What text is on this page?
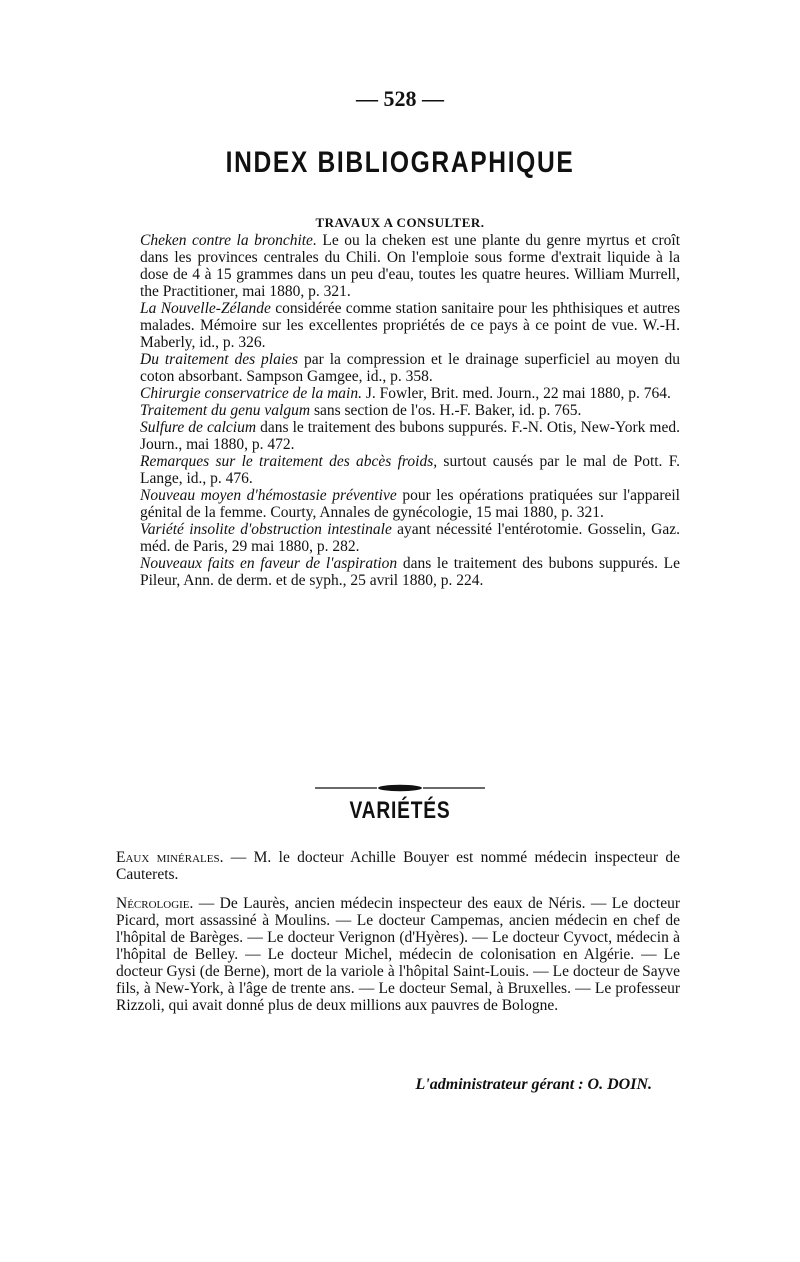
— 528 —
INDEX BIBLIOGRAPHIQUE
TRAVAUX A CONSULTER.

Cheken contre la bronchite. Le ou la cheken est une plante du genre myrtus et croît dans les provinces centrales du Chili. On l'emploie sous forme d'extrait liquide à la dose de 4 à 15 grammes dans un peu d'eau, toutes les quatre heures. William Murrell, the Practitioner, mai 1880, p. 321.

La Nouvelle-Zélande considérée comme station sanitaire pour les phthisiques et autres malades. Mémoire sur les excellentes propriétés de ce pays à ce point de vue. W.-H. Maberly, id., p. 326.

Du traitement des plaies par la compression et le drainage superficiel au moyen du coton absorbant. Sampson Gamgee, id., p. 358.

Chirurgie conservatrice de la main. J. Fowler, Brit. med. Journ., 22 mai 1880, p. 764.

Traitement du genu valgum sans section de l'os. H.-F. Baker, id. p. 765.

Sulfure de calcium dans le traitement des bubons suppurés. F.-N. Otis, New-York med. Journ., mai 1880, p. 472.

Remarques sur le traitement des abcès froids, surtout causés par le mal de Pott. F. Lange, id., p. 476.

Nouveau moyen d'hémostasie préventive pour les opérations pratiquées sur l'appareil génital de la femme. Courty, Annales de gynécologie, 15 mai 1880, p. 321.

Variété insolite d'obstruction intestinale ayant nécessité l'entérotomie. Gosselin, Gaz. méd. de Paris, 29 mai 1880, p. 282.

Nouveaux faits en faveur de l'aspiration dans le traitement des bubons suppurés. Le Pileur, Ann. de derm. et de syph., 25 avril 1880, p. 224.

VARIÉTÉS

Eaux minérales. — M. le docteur Achille Bouyer est nommé médecin inspecteur de Cauterets.

Nécrologie. — De Laurès, ancien médecin inspecteur des eaux de Néris. — Le docteur Picard, mort assassiné à Moulins. — Le docteur Campemas, ancien médecin en chef de l'hôpital de Barèges. — Le docteur Verignon (d'Hyères). — Le docteur Cyvoct, médecin à l'hôpital de Belley. — Le docteur Michel, médecin de colonisation en Algérie. — Le docteur Gysi (de Berne), mort de la variole à l'hôpital Saint-Louis. — Le docteur de Sayve fils, à New-York, à l'âge de trente ans. — Le docteur Semal, à Bruxelles. — Le professeur Rizzoli, qui avait donné plus de deux millions aux pauvres de Bologne.

L'administrateur gérant : O. DOIN.
